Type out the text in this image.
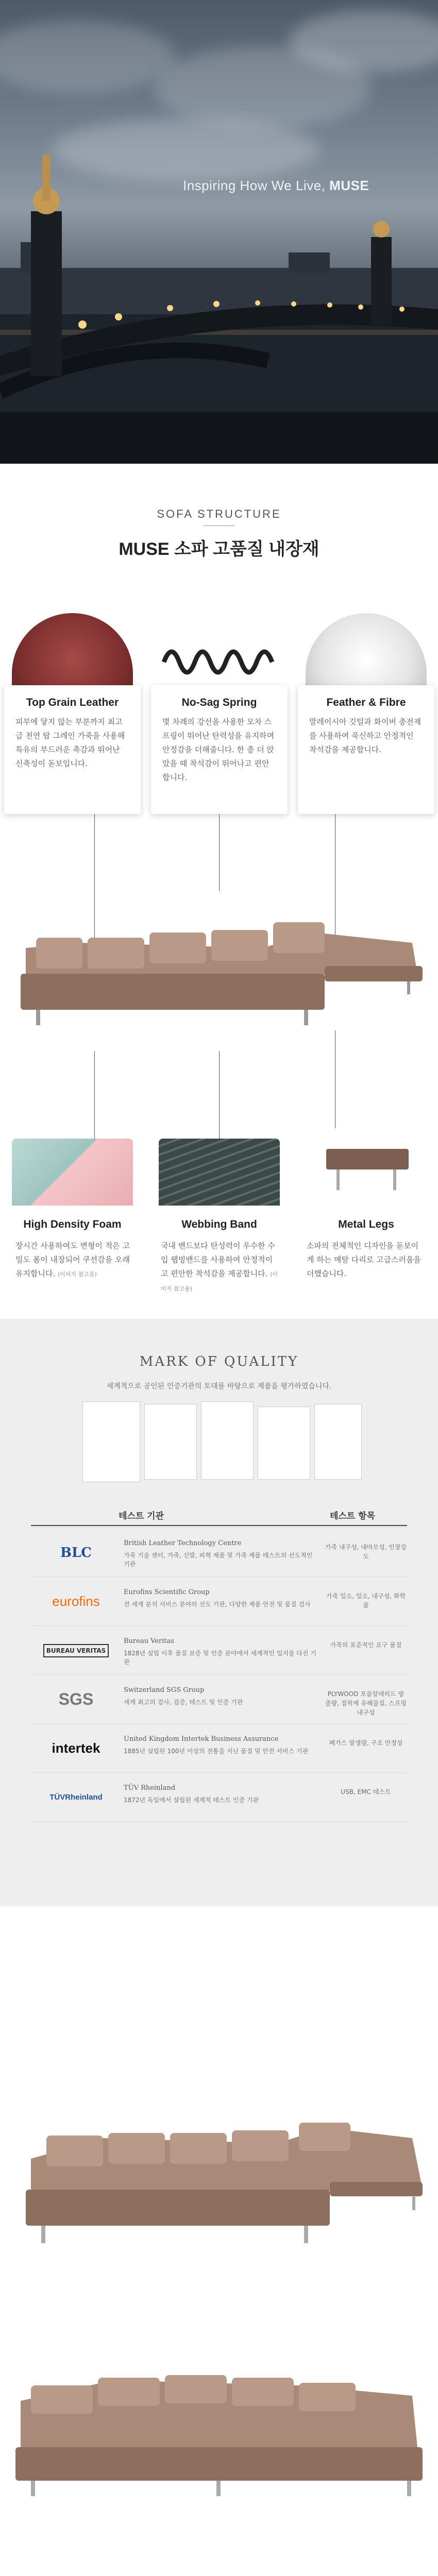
Inspiring How We Live, MUSE
SOFA STRUCTURE
MUSE 소파 고품질 내장재
Top Grain Leather
피부에 닿지 않는 부분까지 최고급 천연 탑 그레인 가죽을 사용해 특유의 부드러운 촉감과 뛰어난 신축성이 돋보입니다.
No-Sag Spring
몇 차례의 강선을 사용한 모차 스프링이 뛰어난 탄력성을 유지하며 안정감을 더해줍니다. 한 층 더 앉았을 때 착석감이 뛰어나고 편안합니다.
Feather & Fibre
말레이시아 깃털과 화이버 충전재를 사용하여 푹신하고 안정적인 착석감을 제공합니다.
High Density Foam	Webbing Band	Metal Legs
장시간 사용하여도 변형이 적은 고밀도 폼이 내장되어 쿠션감을 오래 유지합니다. (이미지 참고용)
국내 밴드보다 탄성력이 우수한 수입 웹빙밴드를 사용하여 안정적이고 편안한 착석감을 제공합니다. (이미지 참고용)
소파의 전체적인 디자인을 돋보이게 하는 메탈 다리로 고급스러움을 더했습니다.
MARK OF QUALITY
세계적으로 공인된 인증기관의 토대를 바탕으로 제품을 평가하였습니다.
테스트 기관	테스트 항목
BLC
British Leather Technology Centre
가죽 기술 센터, 가죽, 신발, 피혁 제품 및 가죽 제품 테스트의 선도적인 기관
가죽 내구성, 내마모성, 인장강도
eurofins
Eurofins Scientific Group
전 세계 분석 서비스 분야의 선도 기관, 다양한 제품 안전 및 품질 검사
가죽 일소, 일소, 내구성, 화학품
BUREAU VERITAS
Bureau Veritas
1828년 설립 이후 품질 보증 및 인증 분야에서 세계적인 입지를 다진 기관
가죽의 표준적인 요구 품질
SGS	Switzerland SGS Group
세계 최고의 검사, 검증, 테스트 및 인증 기관
PLYWOOD 포름알데히드 방출량, 접착제 유해물질, 스프링 내구성
intertek
United Kingdom Intertek Business Assurance
1885년 설립된 100년 이상의 전통을 지닌 품질 및 안전 서비스 기관
폐가스 발생량, 구조 안정성
TÜVRheinland
TÜV Rheinland
1872년 독일에서 설립된 세계적 테스트 인증 기관
USB, EMC 테스트
